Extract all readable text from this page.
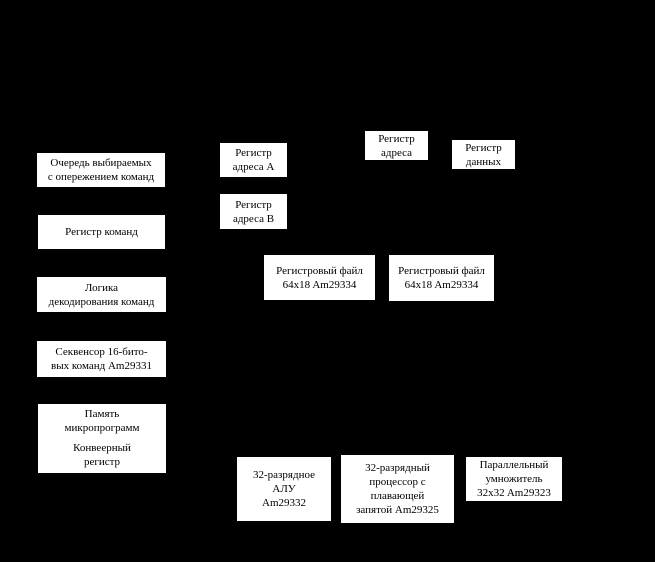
Очередь выбираемых
с опережением команд
Регистр команд
Логика
декодирования команд
Секвенсор 16-бито-
вых команд Am29331
Память
микропрограмм
Конвеерный
регистр
Регистр
адреса A
Регистр
адреса B
Регистр
адреса	Регистр
данных
Регистровый файл
64x18 Am29334
Регистровый файл
64x18 Am29334
32-разрядное
АЛУ
Am29332
32-разрядный
процессор с
плавающей
запятой Am29325
Параллельный
умножитель
32x32 Am29323
